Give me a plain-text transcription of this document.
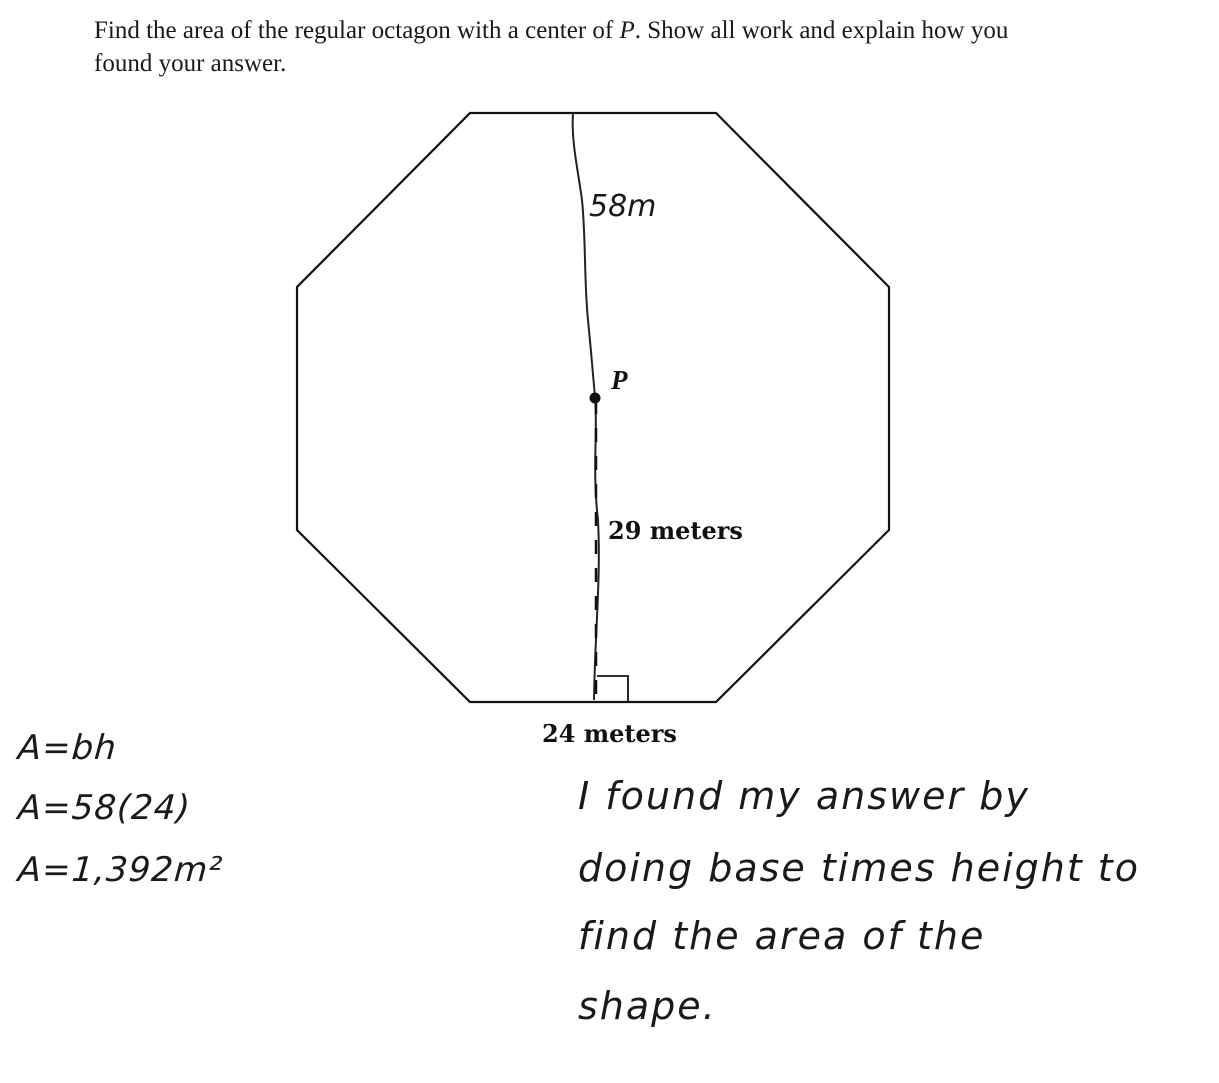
Find the area of the regular octagon with a center of P. Show all work and explain how you
found your answer.
P
29 meters
24 meters
58m
A=bh
A=58(24)
A=1,392m²
I found my answer by
doing base times height to
find the area of the
shape.
